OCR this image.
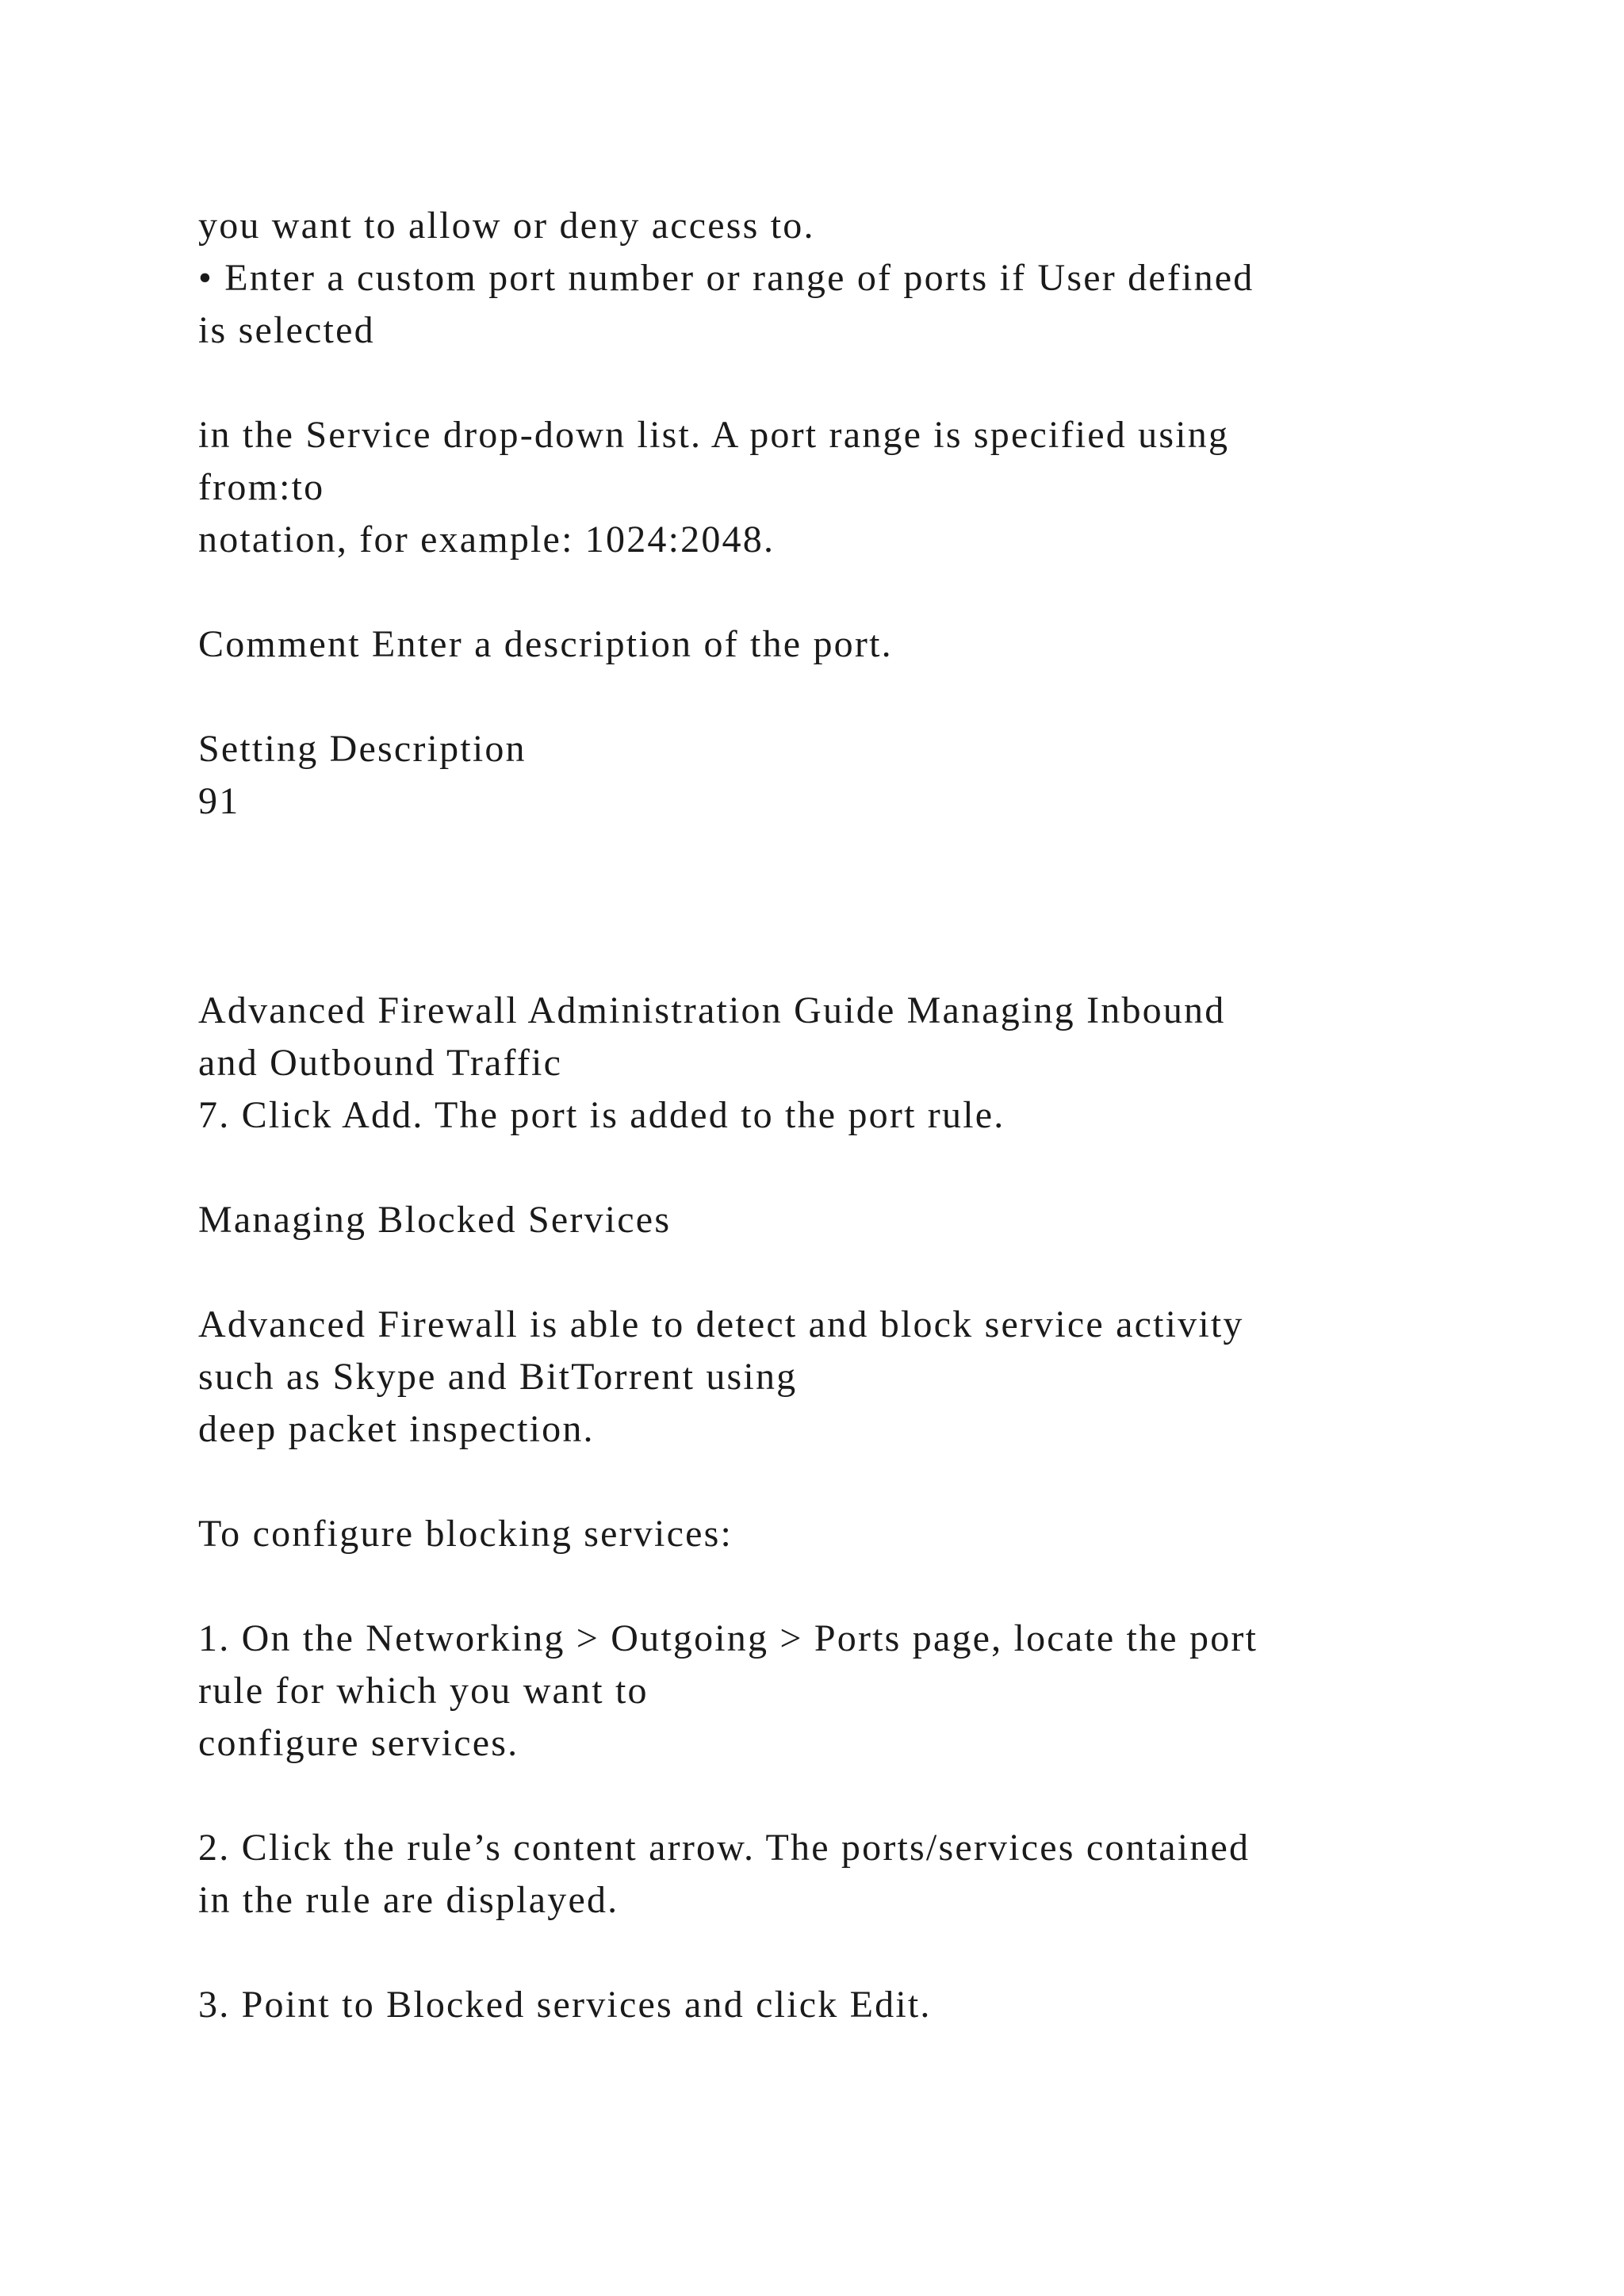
you want to allow or deny access to.
• Enter a custom port number or range of ports if User defined
is selected
in the Service drop-down list. A port range is specified using
from:to
notation, for example: 1024:2048.
Comment Enter a description of the port.
Setting Description
91
Advanced Firewall Administration Guide Managing Inbound
and Outbound Traffic
7. Click Add. The port is added to the port rule.
Managing Blocked Services
Advanced Firewall is able to detect and block service activity
such as Skype and BitTorrent using
deep packet inspection.
To configure blocking services:
1. On the Networking > Outgoing > Ports page, locate the port
rule for which you want to
configure services.
2. Click the rule’s content arrow. The ports/services contained
in the rule are displayed.
3. Point to Blocked services and click Edit.
